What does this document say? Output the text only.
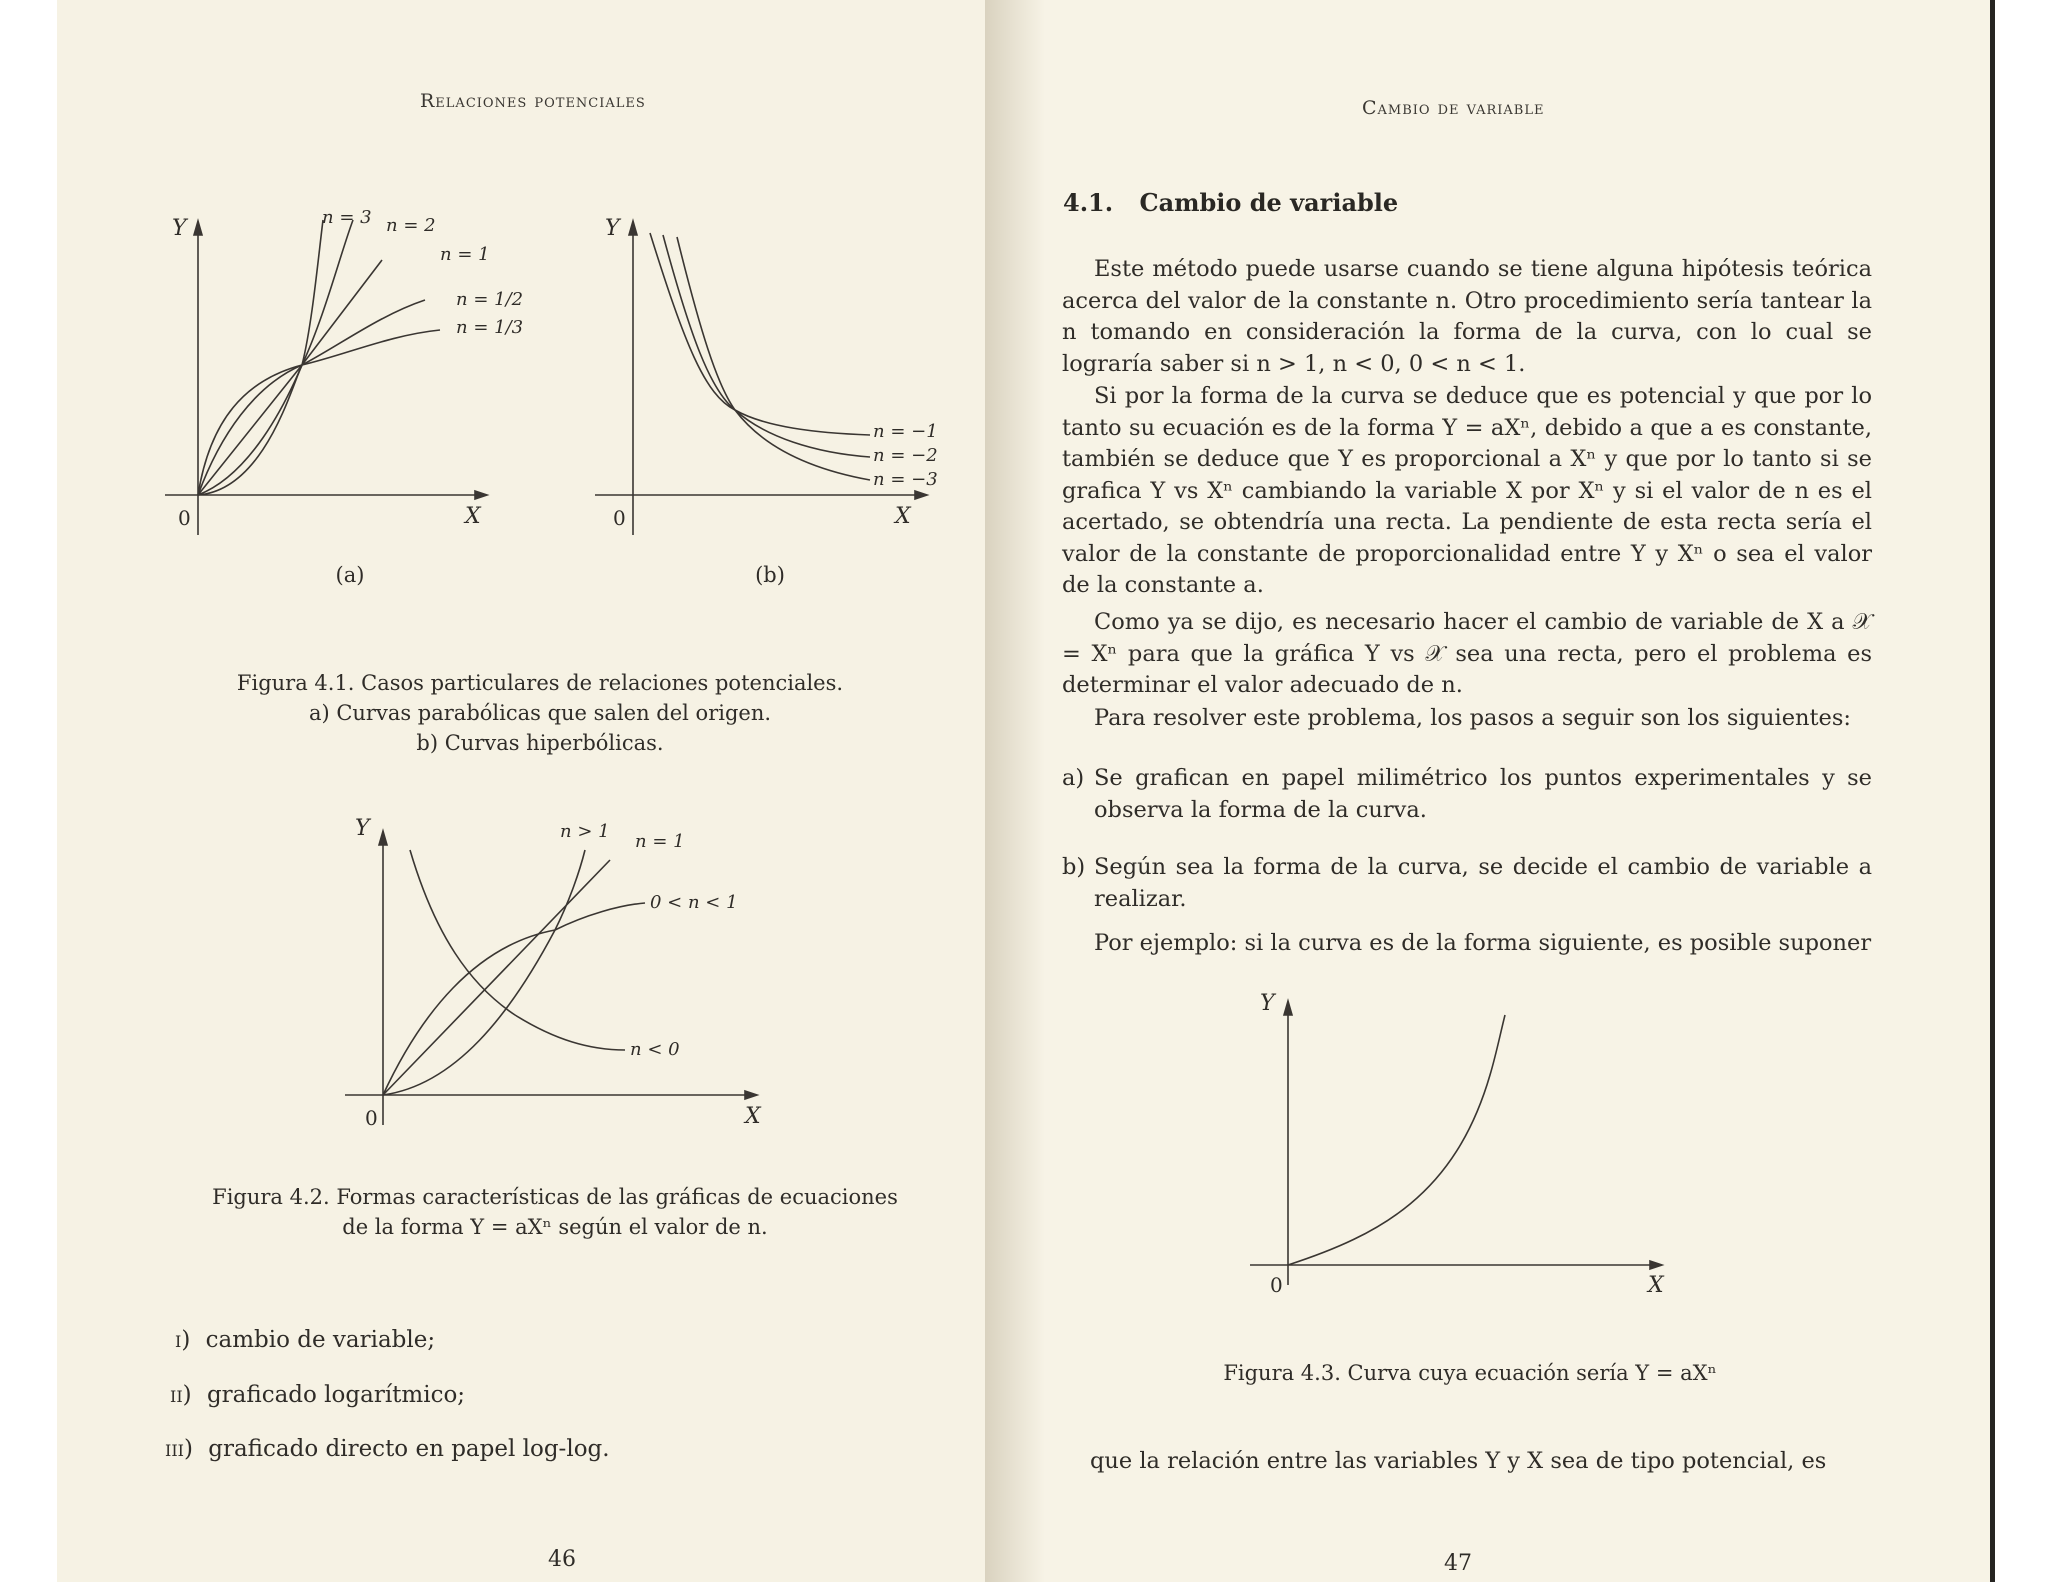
Relaciones potenciales
Y
X
0
n = 3 n = 2
n = 1
n = 1/2
n = 1/3
(a)
Y
X
0
n = −1
n = −2
n = −3
(b)
Figura 4.1. Casos particulares de relaciones potenciales.
a) Curvas parabólicas que salen del origen.
b) Curvas hiperbólicas.
Y
X
0
n > 1 n = 1
0 < n < 1
n < 0
Figura 4.2. Formas características de las gráficas de ecuaciones
de la forma Y = aXⁿ según el valor de n.
i) cambio de variable;
ii) graficado logarítmico;
iii) graficado directo en papel log-log.
46
Cambio de variable
4.1. Cambio de variable
Este método puede usarse cuando se tiene alguna hipótesis teórica acerca del valor de la constante n. Otro procedimiento sería tantear la n tomando en consideración la forma de la curva, con lo cual se lograría saber si n > 1, n < 0, 0 < n < 1.
Si por la forma de la curva se deduce que es potencial y que por lo tanto su ecuación es de la forma Y = aXⁿ, debido a que a es constante, también se deduce que Y es proporcional a Xⁿ y que por lo tanto si se grafica Y vs Xⁿ cambiando la variable X por Xⁿ y si el valor de n es el acertado, se obtendría una recta. La pendiente de esta recta sería el valor de la constante de proporcionalidad entre Y y Xⁿ o sea el valor de la constante a.
Como ya se dijo, es necesario hacer el cambio de variable de X a 𝒳 = Xⁿ para que la gráfica Y vs 𝒳 sea una recta, pero el problema es determinar el valor adecuado de n.
Para resolver este problema, los pasos a seguir son los siguientes:
a) Se grafican en papel milimétrico los puntos experimentales y se observa la forma de la curva.
b) Según sea la forma de la curva, se decide el cambio de variable a realizar.
Por ejemplo: si la curva es de la forma siguiente, es posible suponer
Y
X
0
Figura 4.3. Curva cuya ecuación sería Y = aXⁿ
que la relación entre las variables Y y X sea de tipo potencial, es
47
